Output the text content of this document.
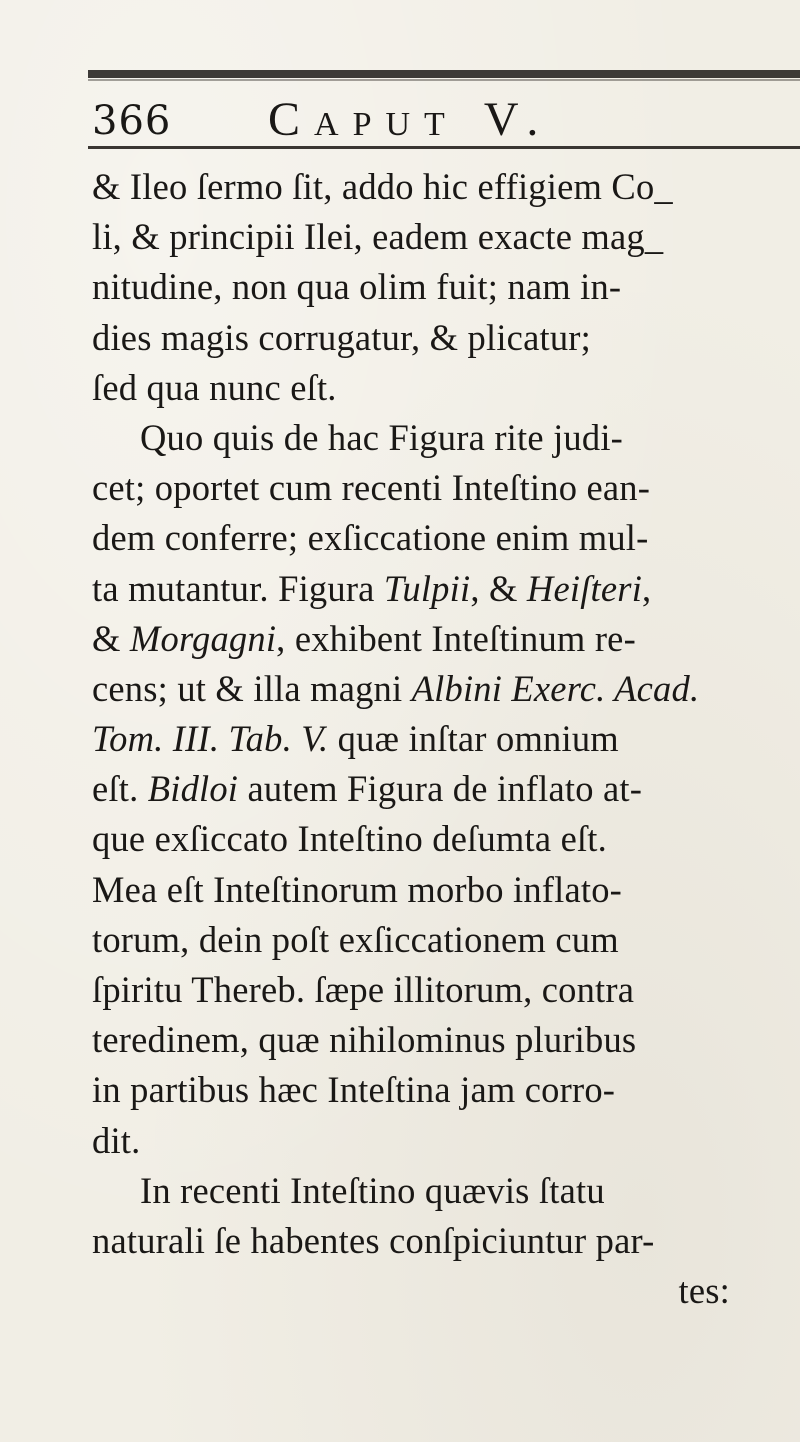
366 Caput V.
& Ileo ſermo ſit, addo hic effigiem Co_
li, & principii Ilei, eadem exacte mag_
nitudine, non qua olim fuit; nam in-
dies magis corrugatur, & plicatur;
ſed qua nunc eſt.
Quo quis de hac Figura rite judi-
cet; oportet cum recenti Inteſtino ean-
dem conferre; exſiccatione enim mul-
ta mutantur. Figura Tulpii, & Heiſteri,
& Morgagni, exhibent Inteſtinum re-
cens; ut & illa magni Albini Exerc. Acad.
Tom. III. Tab. V. quæ inſtar omnium
eſt. Bidloi autem Figura de inflato at-
que exſiccato Inteſtino deſumta eſt.
Mea eſt Inteſtinorum morbo inflato-
torum, dein poſt exſiccationem cum
ſpiritu Thereb. ſæpe illitorum, contra
teredinem, quæ nihilominus pluribus
in partibus hæc Inteſtina jam corro-
dit.
In recenti Inteſtino quævis ſtatu
naturali ſe habentes conſpiciuntur par-
tes:
